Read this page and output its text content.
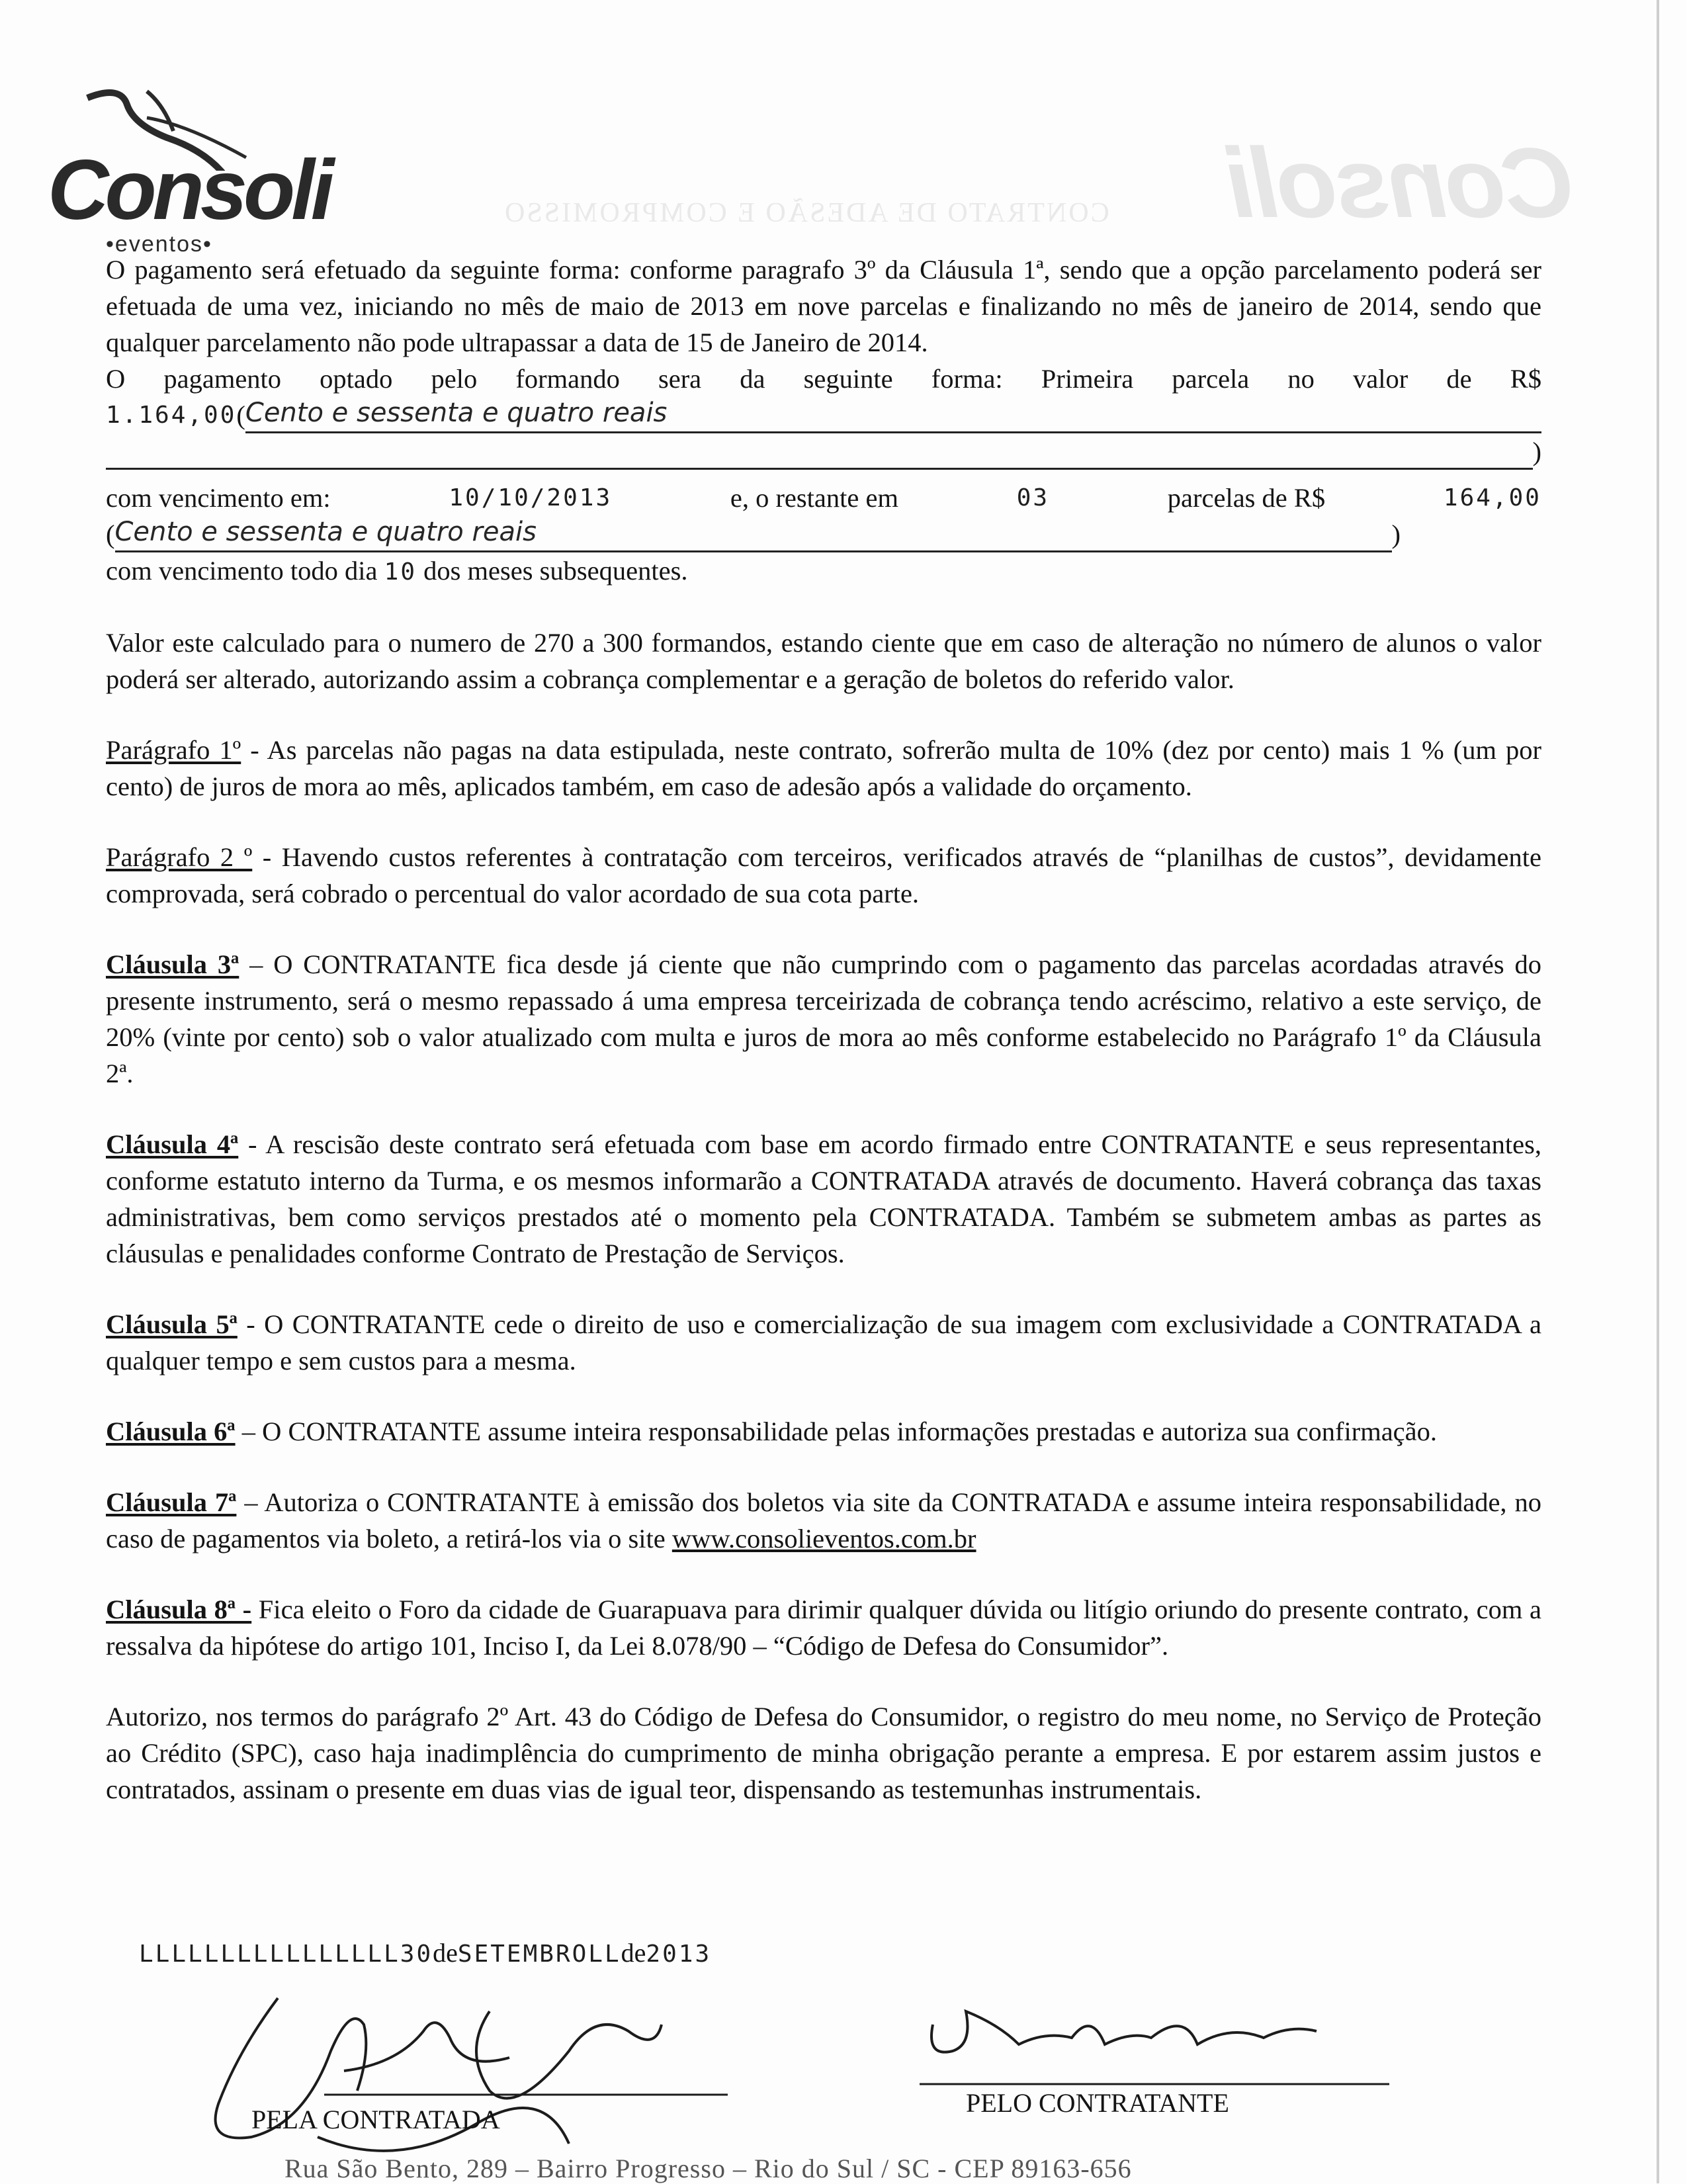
Consoli
CONTRATO DE ADESÃO E COMPROMISSO
Consoli
•eventos•

O pagamento será efetuado da seguinte forma: conforme paragrafo 3º da Cláusula 1ª, sendo que a opção parcelamento poderá ser efetuada de uma vez, iniciando no mês de maio de 2013 em nove parcelas e finalizando no mês de janeiro de 2014, sendo que qualquer parcelamento não pode ultrapassar a data de 15 de Janeiro de 2014.

O pagamento optado pelo formando sera da seguinte forma: Primeira parcela no valor de R$

1.164,00 ( Cento e sessenta e quatro reais
)
com vencimento em:	10/10/2013	e, o restante em	03	parcelas de R$	164,00
( Cento e sessenta e quatro reais	)

com vencimento todo dia 10 dos meses subsequentes.

Valor este calculado para o numero de 270 a 300 formandos, estando ciente que em caso de alteração no número de alunos o valor poderá ser alterado, autorizando assim a cobrança complementar e a geração de boletos do referido valor.

Parágrafo 1º - As parcelas não pagas na data estipulada, neste contrato, sofrerão multa de 10% (dez por cento) mais 1 % (um por cento) de juros de mora ao mês, aplicados também, em caso de adesão após a validade do orçamento.

Parágrafo 2 º - Havendo custos referentes à contratação com terceiros, verificados através de “planilhas de custos”, devidamente comprovada, será cobrado o percentual do valor acordado de sua cota parte.

Cláusula 3ª – O CONTRATANTE fica desde já ciente que não cumprindo com o pagamento das parcelas acordadas através do presente instrumento, será o mesmo repassado á uma empresa terceirizada de cobrança tendo acréscimo, relativo a este serviço, de 20% (vinte por cento) sob o valor atualizado com multa e juros de mora ao mês conforme estabelecido no Parágrafo 1º da Cláusula 2ª.

Cláusula 4ª - A rescisão deste contrato será efetuada com base em acordo firmado entre CONTRATANTE e seus representantes, conforme estatuto interno da Turma, e os mesmos informarão a CONTRATADA através de documento. Haverá cobrança das taxas administrativas, bem como serviços prestados até o momento pela CONTRATADA. Também se submetem ambas as partes as cláusulas e penalidades conforme Contrato de Prestação de Serviços.

Cláusula 5ª - O CONTRATANTE cede o direito de uso e comercialização de sua imagem com exclusividade a CONTRATADA a qualquer tempo e sem custos para a mesma.

Cláusula 6ª – O CONTRATANTE assume inteira responsabilidade pelas informações prestadas e autoriza sua confirmação.

Cláusula 7ª – Autoriza o CONTRATANTE à emissão dos boletos via site da CONTRATADA e assume inteira responsabilidade, no caso de pagamentos via boleto, a retirá-los via o site www.consolieventos.com.br

Cláusula 8ª - Fica eleito o Foro da cidade de Guarapuava para dirimir qualquer dúvida ou litígio oriundo do presente contrato, com a ressalva da hipótese do artigo 101, Inciso I, da Lei 8.078/90 – “Código de Defesa do Consumidor”.

Autorizo, nos termos do parágrafo 2º Art. 43 do Código de Defesa do Consumidor, o registro do meu nome, no Serviço de Proteção ao Crédito (SPC), caso haja inadimplência do cumprimento de minha obrigação perante a empresa. E por estarem assim justos e contratados, assinam o presente em duas vias de igual teor, dispensando as testemunhas instrumentais.

LLLLLLLLLLLLLLLL30deSETEMBROLLde2013
PELA CONTRATADA
PELO CONTRATANTE
Rua São Bento, 289 – Bairro Progresso – Rio do Sul / SC - CEP 89163-656
